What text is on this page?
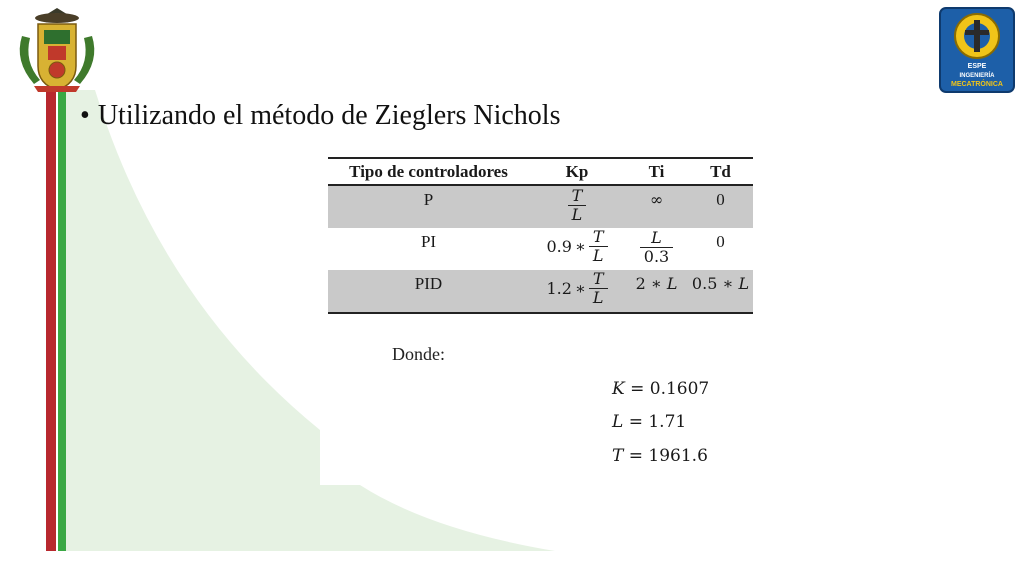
ESPE
INGENIERÍA
MECATRÓNICA
• Utilizando el método de Zieglers Nichols
Tipo de controladores	Kp	Ti	Td
P	$\frac{T}{L}$	∞	0
PI	0.9 ∗ $\frac{T}{L}$	$\frac{L}{0.3}$	0
PID	1.2 ∗ $\frac{T}{L}$	2 ∗ L	0.5 ∗ L
Donde:
K = 0.1607
L = 1.71
T = 1961.6
